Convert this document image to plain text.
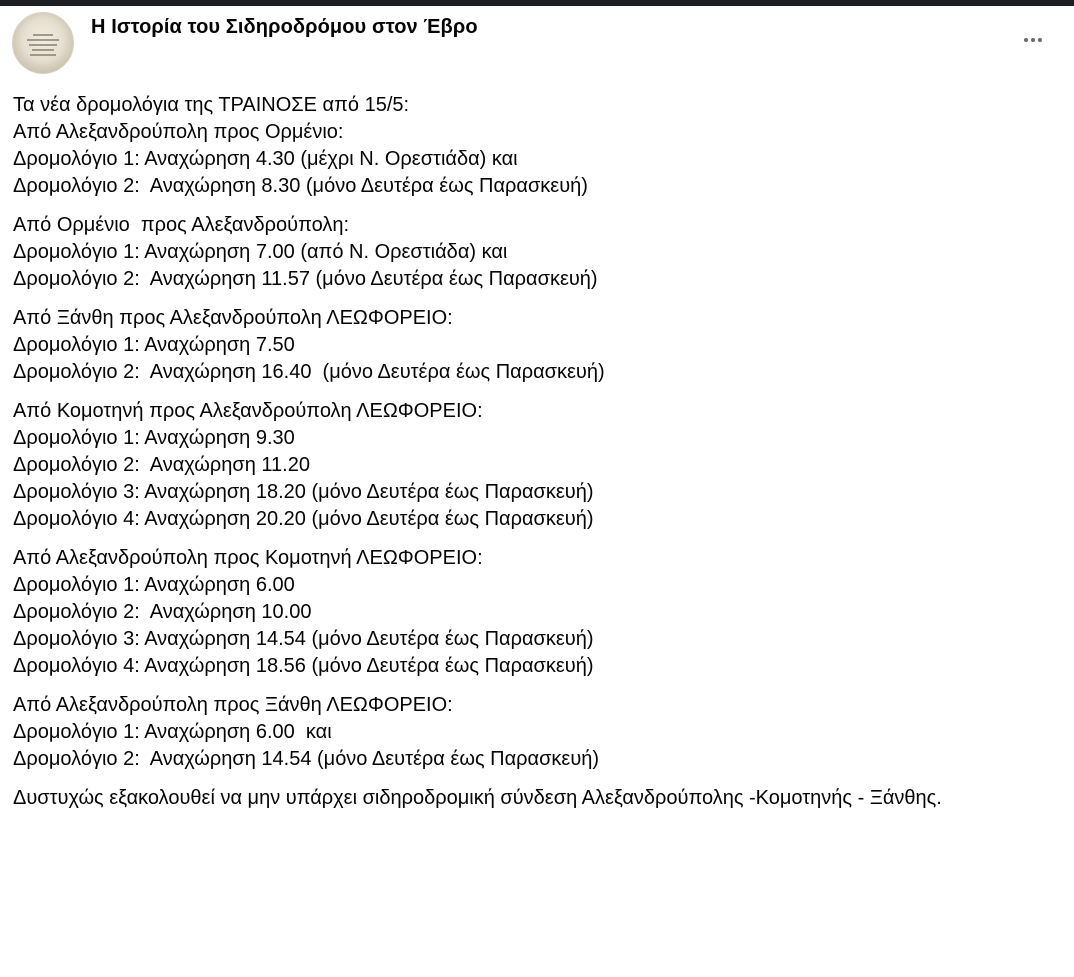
Η Ιστορία του Σιδηροδρόμου στον Έβρο
Τα νέα δρομολόγια της ΤΡΑΙΝΟΣΕ από 15/5:
Από Αλεξανδρούπολη προς Ορμένιο:
Δρομολόγιο 1: Αναχώρηση 4.30 (μέχρι Ν. Ορεστιάδα) και
Δρομολόγιο 2:  Αναχώρηση 8.30 (μόνο Δευτέρα έως Παρασκευή)
Από Ορμένιο  προς Αλεξανδρούπολη:
Δρομολόγιο 1: Αναχώρηση 7.00 (από Ν. Ορεστιάδα) και
Δρομολόγιο 2:  Αναχώρηση 11.57 (μόνο Δευτέρα έως Παρασκευή)
Από Ξάνθη προς Αλεξανδρούπολη ΛΕΩΦΟΡΕΙΟ:
Δρομολόγιο 1: Αναχώρηση 7.50
Δρομολόγιο 2:  Αναχώρηση 16.40  (μόνο Δευτέρα έως Παρασκευή)
Από Κομοτηνή προς Αλεξανδρούπολη ΛΕΩΦΟΡΕΙΟ:
Δρομολόγιο 1: Αναχώρηση 9.30
Δρομολόγιο 2:  Αναχώρηση 11.20
Δρομολόγιο 3: Αναχώρηση 18.20 (μόνο Δευτέρα έως Παρασκευή)
Δρομολόγιο 4: Αναχώρηση 20.20 (μόνο Δευτέρα έως Παρασκευή)
Από Αλεξανδρούπολη προς Κομοτηνή ΛΕΩΦΟΡΕΙΟ:
Δρομολόγιο 1: Αναχώρηση 6.00
Δρομολόγιο 2:  Αναχώρηση 10.00
Δρομολόγιο 3: Αναχώρηση 14.54 (μόνο Δευτέρα έως Παρασκευή)
Δρομολόγιο 4: Αναχώρηση 18.56 (μόνο Δευτέρα έως Παρασκευή)
Από Αλεξανδρούπολη προς Ξάνθη ΛΕΩΦΟΡΕΙΟ:
Δρομολόγιο 1: Αναχώρηση 6.00  και
Δρομολόγιο 2:  Αναχώρηση 14.54 (μόνο Δευτέρα έως Παρασκευή)
Δυστυχώς εξακολουθεί να μην υπάρχει σιδηροδρομική σύνδεση Αλεξανδρούπολης -Κομοτηνής - Ξάνθης.
